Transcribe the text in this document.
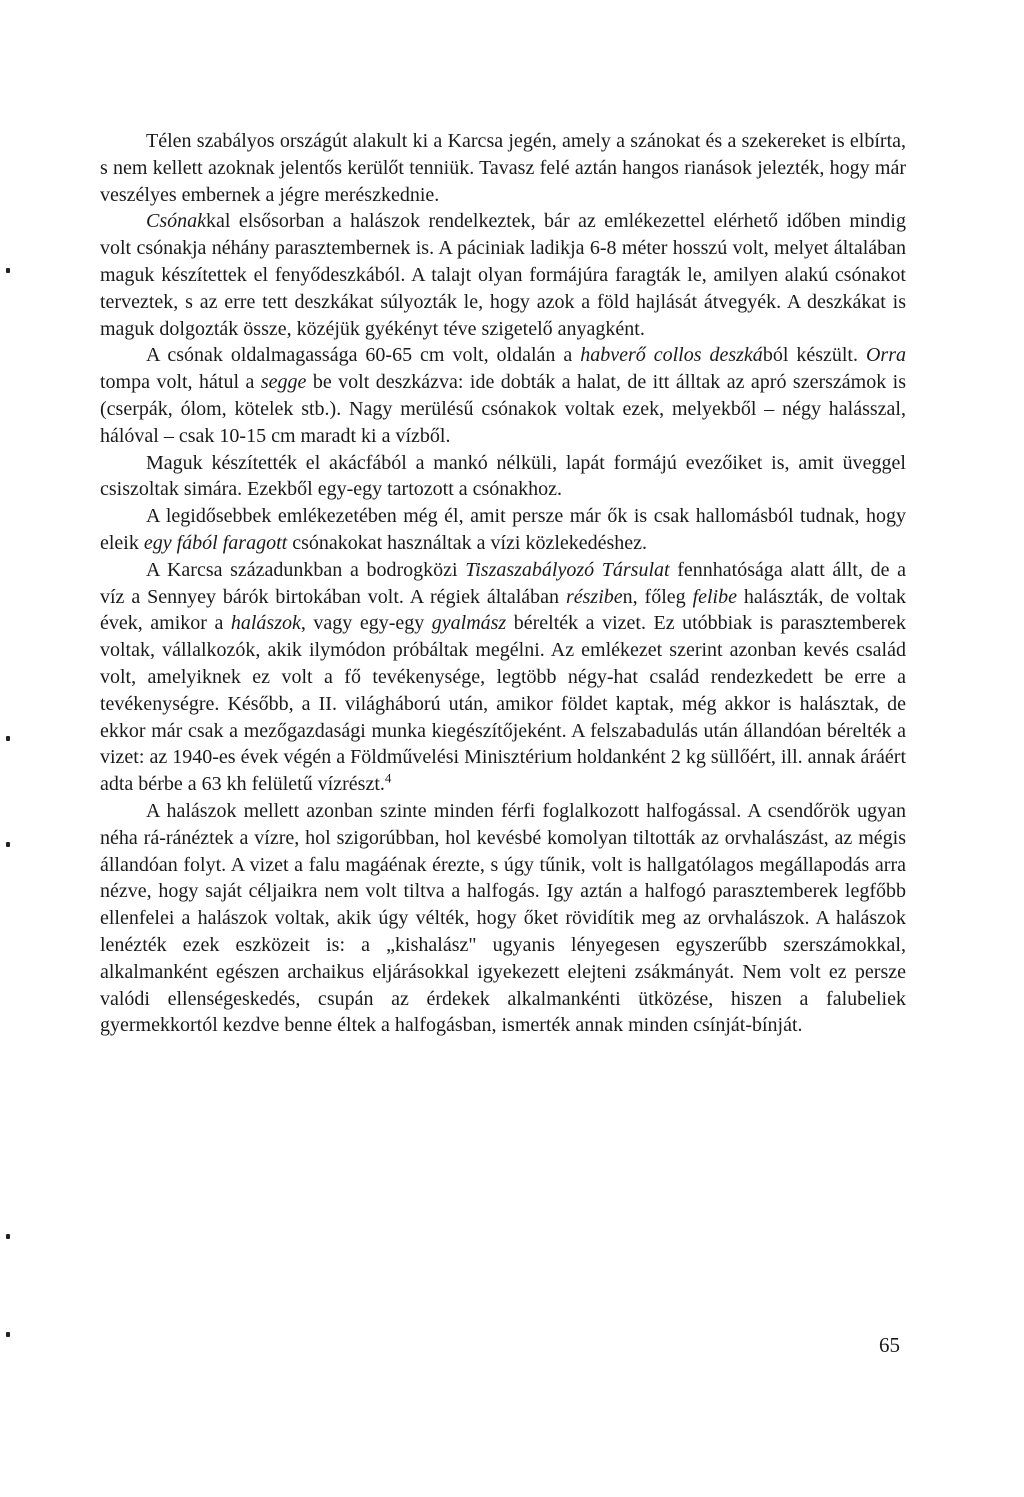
Télen szabályos országút alakult ki a Karcsa jegén, amely a szánokat és a szekereket is elbírta, s nem kellett azoknak jelentős kerülőt tenniük. Tavasz felé aztán hangos rianások jelezték, hogy már veszélyes embernek a jégre merészkednie.

Csónakkal elsősorban a halászok rendelkeztek, bár az emlékezettel elérhető időben mindig volt csónakja néhány parasztembernek is. A páciniak ladikja 6-8 méter hosszú volt, melyet általában maguk készítettek el fenyődeszkából. A talajt olyan formájúra faragták le, amilyen alakú csónakot terveztek, s az erre tett deszkákat súlyozták le, hogy azok a föld hajlását átvegyék. A deszkákat is maguk dolgozták össze, közéjük gyékényt téve szigetelő anyagként.

A csónak oldalmagassága 60-65 cm volt, oldalán a habverő collos deszkából készült. Orra tompa volt, hátul a segge be volt deszkázva: ide dobták a halat, de itt álltak az apró szerszámok is (cserpák, ólom, kötelek stb.). Nagy merülésű csónakok voltak ezek, melyekből – négy halásszal, hálóval – csak 10-15 cm maradt ki a vízből.

Maguk készítették el akácfából a mankó nélküli, lapát formájú evezőiket is, amit üveggel csiszoltak simára. Ezekből egy-egy tartozott a csónakhoz.

A legidősebbek emlékezetében még él, amit persze már ők is csak hallomásból tudnak, hogy eleik egy fából faragott csónakokat használtak a vízi közlekedéshez.

A Karcsa századunkban a bodrogközi Tiszaszabályozó Társulat fennhatósága alatt állt, de a víz a Sennyey bárók birtokában volt. A régiek általában résziben, főleg felibe halászták, de voltak évek, amikor a halászok, vagy egy-egy gyalmász bérelték a vizet. Ez utóbbiak is parasztemberek voltak, vállalkozók, akik ilymódon próbáltak megélni. Az emlékezet szerint azonban kevés család volt, amelyiknek ez volt a fő tevékenysége, legtöbb négy-hat család rendezkedett be erre a tevékenységre. Később, a II. világháború után, amikor földet kaptak, még akkor is halásztak, de ekkor már csak a mezőgazdasági munka kiegészítőjeként. A felszabadulás után állandóan bérelték a vizet: az 1940-es évek végén a Földművelési Minisztérium holdanként 2 kg süllőért, ill. annak áráért adta bérbe a 63 kh felületű vízrészt.$^4$

A halászok mellett azonban szinte minden férfi foglalkozott halfogással. A csendőrök ugyan néha rá-ránéztek a vízre, hol szigorúbban, hol kevésbé komolyan tiltották az orvhalászást, az mégis állandóan folyt. A vizet a falu magáénak érezte, s úgy tűnik, volt is hallgatólagos megállapodás arra nézve, hogy saját céljaikra nem volt tiltva a halfogás. Igy aztán a halfogó parasztemberek legfőbb ellenfelei a halászok voltak, akik úgy vélték, hogy őket rövidítik meg az orvhalászok. A halászok lenézték ezek eszközeit is: a „kishalász" ugyanis lényegesen egyszerűbb szerszámokkal, alkalmanként egészen archaikus eljárásokkal igyekezett elejteni zsákmányát. Nem volt ez persze valódi ellenségeskedés, csupán az érdekek alkalmankénti ütközése, hiszen a falubeliek gyermekkortól kezdve benne éltek a halfogásban, ismerték annak minden csínját-bínját.

65
